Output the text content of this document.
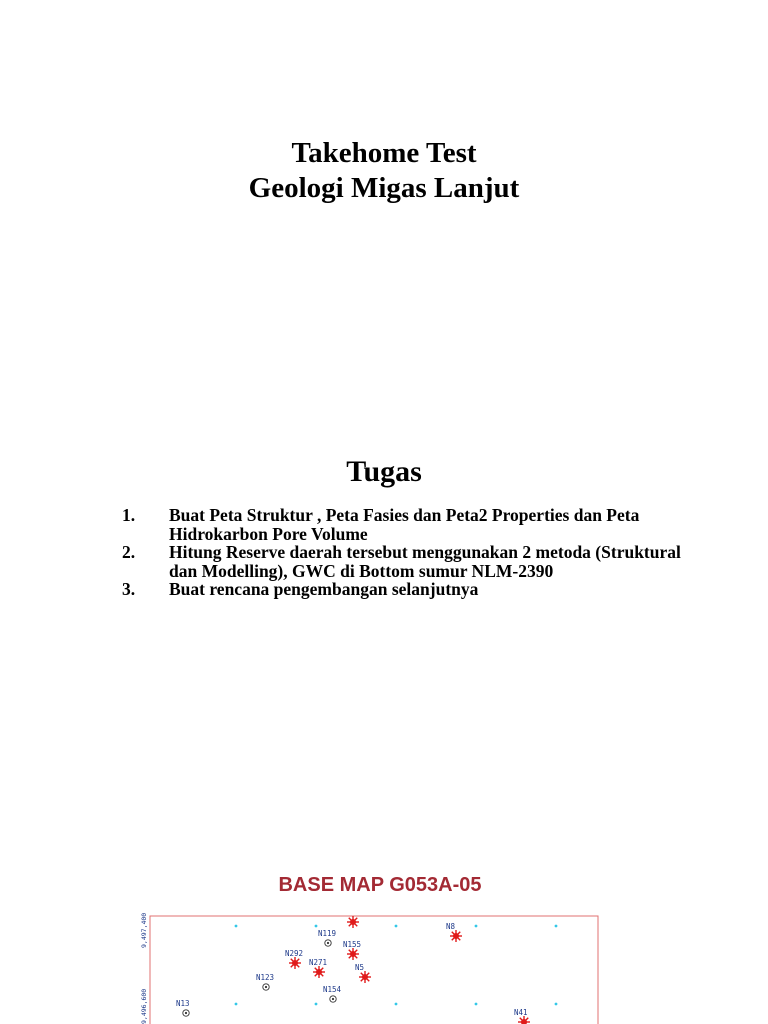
Takehome Test
Geologi Migas Lanjut
Tugas
1. Buat Peta Struktur , Peta Fasies dan Peta2 Properties dan Peta Hidrokarbon Pore Volume
2. Hitung Reserve daerah tersebut menggunakan 2 metoda (Struktural dan Modelling), GWC di Bottom sumur NLM-2390
3. Buat rencana pengembangan selanjutnya
BASE MAP G053A-05
9,497,400
9,496,600
N119
N155
N8
N292
N271
N5
N123
N154
N13
N41
